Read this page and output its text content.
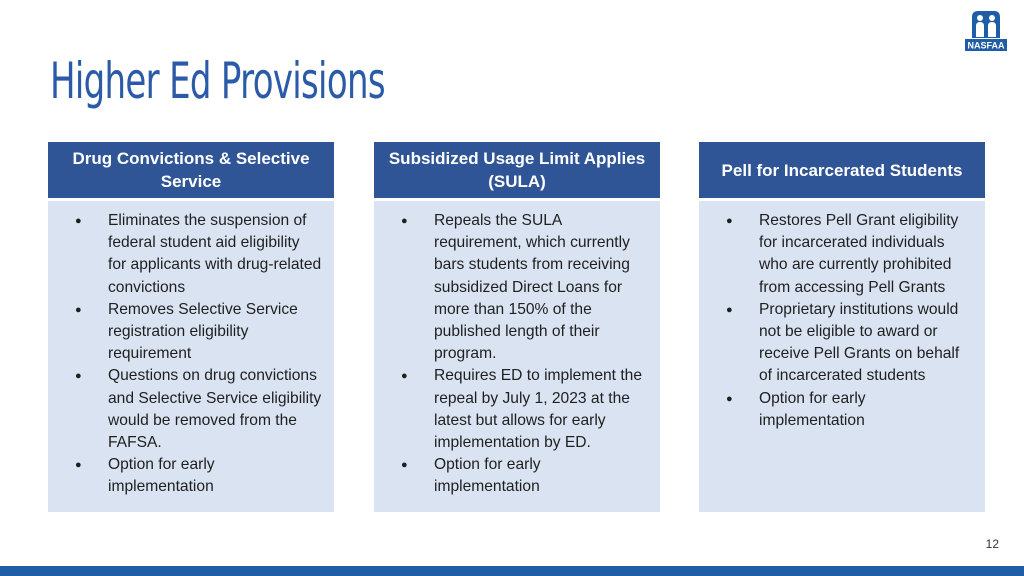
Higher Ed Provisions
NASFAA
Drug Convictions & Selective Service
● Eliminates the suspension of federal student aid eligibility for applicants with drug-related convictions
● Removes Selective Service registration eligibility requirement
● Questions on drug convictions and Selective Service eligibility would be removed from the FAFSA.
● Option for early implementation
Subsidized Usage Limit Applies (SULA)
● Repeals the SULA requirement, which currently bars students from receiving subsidized Direct Loans for more than 150% of the published length of their program.
● Requires ED to implement the repeal by July 1, 2023 at the latest but allows for early implementation by ED.
● Option for early implementation
Pell for Incarcerated Students
● Restores Pell Grant eligibility for incarcerated individuals who are currently prohibited from accessing Pell Grants
● Proprietary institutions would not be eligible to award or receive Pell Grants on behalf of incarcerated students
● Option for early implementation
12
